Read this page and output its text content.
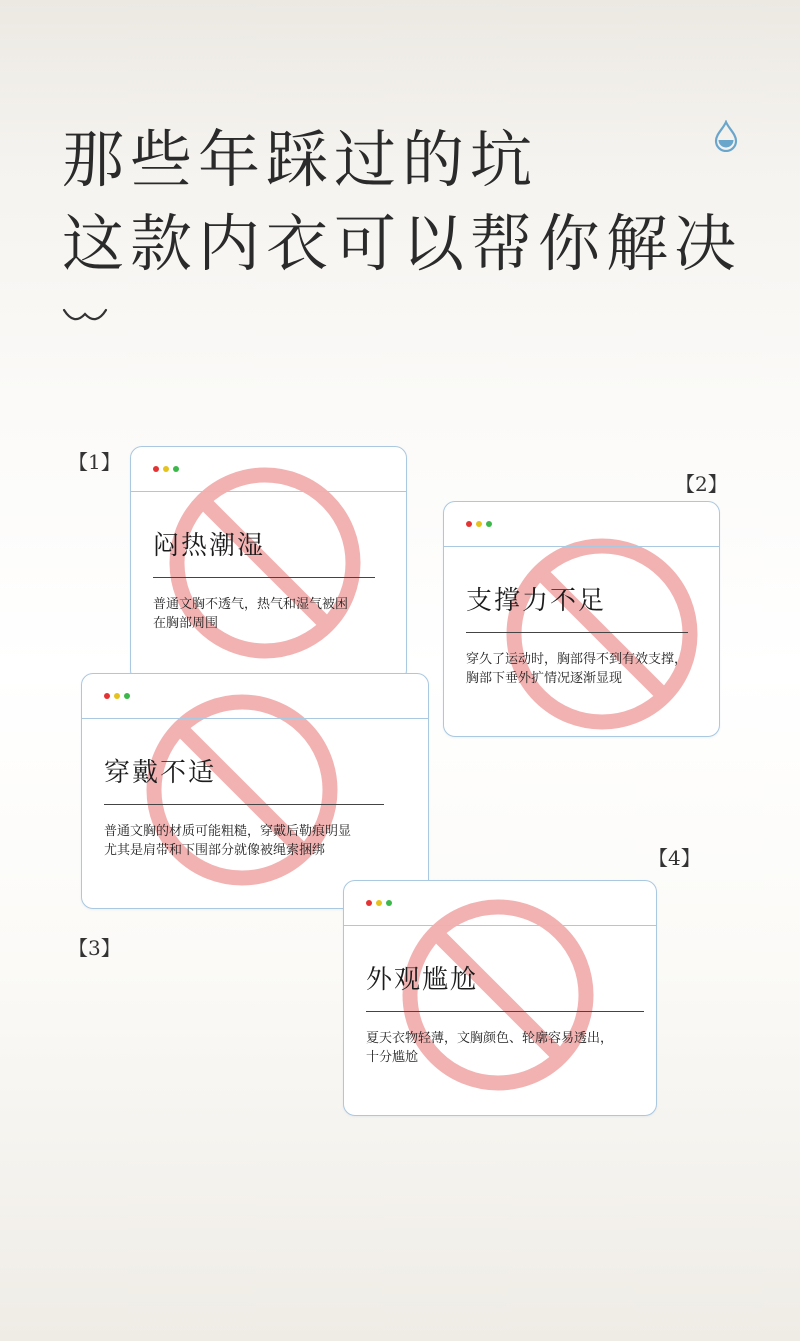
那些年踩过的坑
这款内衣可以帮你解决
【1】
【2】
【3】
【4】
闷热潮湿

普通文胸不透气，热气和湿气被困
在胸部周围

支撑力不足

穿久了运动时，胸部得不到有效支撑，
胸部下垂外扩情况逐渐显现

穿戴不适

普通文胸的材质可能粗糙，穿戴后勒痕明显
尤其是肩带和下围部分就像被绳索捆绑

外观尴尬

夏天衣物轻薄，文胸颜色、轮廓容易透出，
十分尴尬
